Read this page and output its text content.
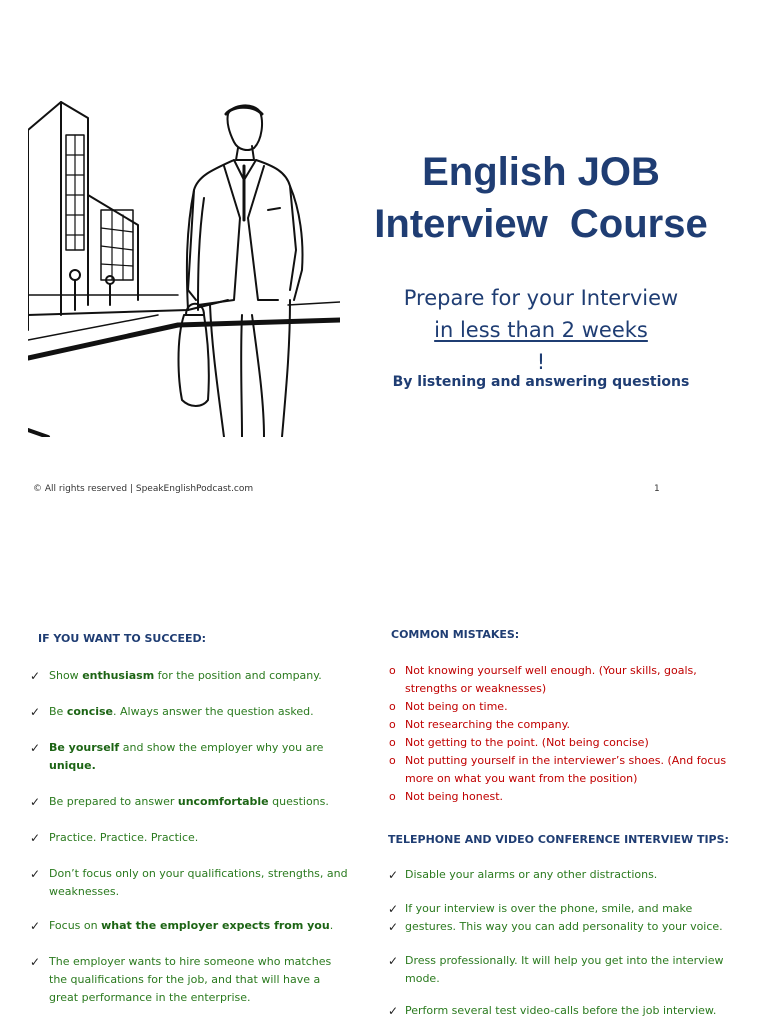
English JOB
Interview  Course
Prepare for your Interview
in less than 2 weeks
!
By listening and answering questions
© All rights reserved | SpeakEnglishPodcast.com	1
IF YOU WANT TO SUCCEED:
✓ Show enthusiasm for the position and company.
✓ Be concise. Always answer the question asked.
✓ Be yourself and show the employer why you are unique.
✓ Be prepared to answer uncomfortable questions.
✓ Practice. Practice. Practice.
✓ Don’t focus only on your qualifications, strengths, and weaknesses.
✓ Focus on what the employer expects from you.
✓ The employer wants to hire someone who matches the qualifications for the job, and that will have a great performance in the enterprise.
COMMON MISTAKES:
o Not knowing yourself well enough. (Your skills, goals, strengths or weaknesses)
o Not being on time.
o Not researching the company.
o Not getting to the point. (Not being concise)
o Not putting yourself in the interviewer’s shoes. (And focus more on what you want from the position)
o Not being honest.
TELEPHONE AND VIDEO CONFERENCE INTERVIEW TIPS:
✓ Disable your alarms or any other distractions.
✓ If your interview is over the phone, smile, and make
✓ gestures. This way you can add personality to your voice.
✓ Dress professionally. It will help you get into the interview mode.
✓ Perform several test video-calls before the job interview.
